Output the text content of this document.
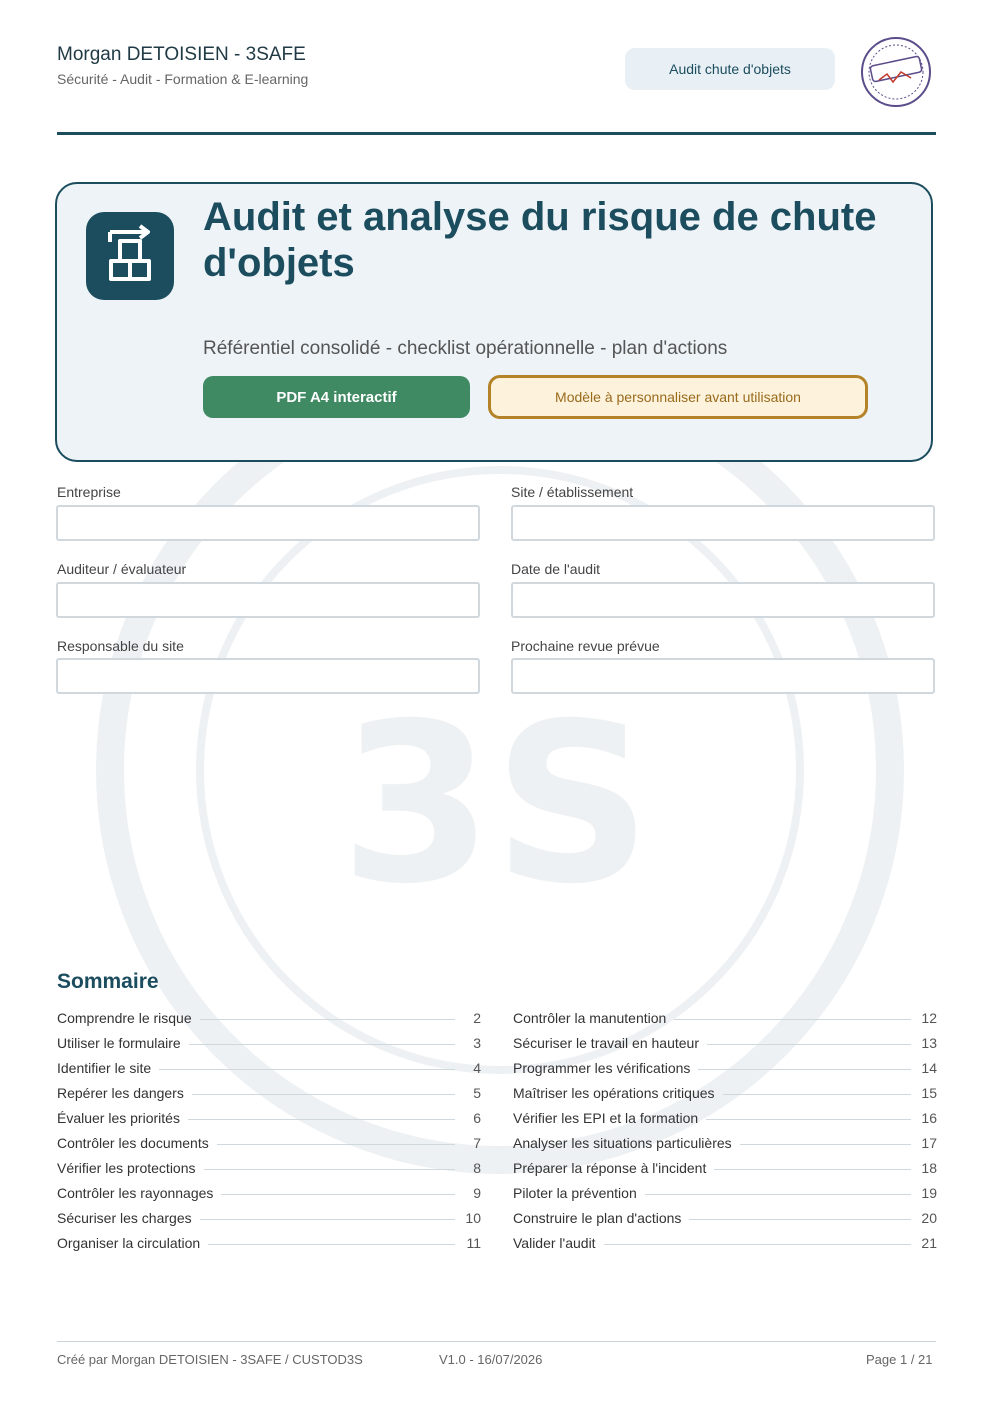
3S
Morgan DETOISIEN - 3SAFE
Sécurité - Audit - Formation & E-learning
Audit chute d'objets
Audit et analyse du risque de chute d'objets
Référentiel consolidé - checklist opérationnelle - plan d'actions
PDF A4 interactif	Modèle à personnaliser avant utilisation
Entreprise	Site / établissement
Auditeur / évaluateur	Date de l'audit
Responsable du site	Prochaine revue prévue
Sommaire
Comprendre le risque	2
Utiliser le formulaire	3
Identifier le site	4
Repérer les dangers	5
Évaluer les priorités	6
Contrôler les documents	7
Vérifier les protections	8
Contrôler les rayonnages	9
Sécuriser les charges	10
Organiser la circulation	11
Contrôler la manutention	12
Sécuriser le travail en hauteur	13
Programmer les vérifications	14
Maîtriser les opérations critiques	15
Vérifier les EPI et la formation	16
Analyser les situations particulières	17
Préparer la réponse à l'incident	18
Piloter la prévention	19
Construire le plan d'actions	20
Valider l'audit	21
Créé par Morgan DETOISIEN - 3SAFE / CUSTOD3S	V1.0 - 16/07/2026	Page 1 / 21
